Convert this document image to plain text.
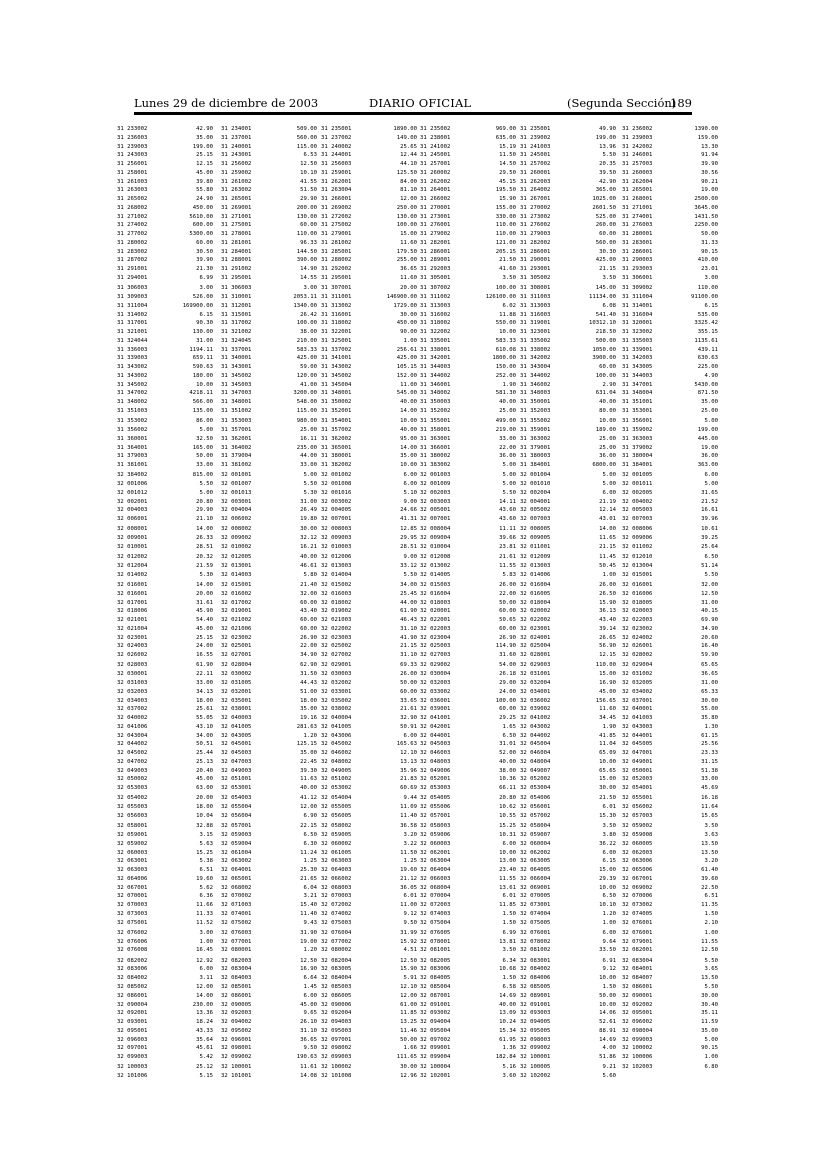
Lunes 29 de diciembre de 2003	DIARIO OFICIAL	(Segunda Sección)
189
31 233002	42.90
31 236003	35.00
31 239003	199.00
31 243003	25.15
31 256001	12.15
31 258001	45.00
31 261003	39.80
31 263003	55.80
31 265002	24.90
31 268002	450.00
31 271002	5610.00
31 274002	600.00
31 277002	5300.00
31 280002	60.00
31 283002	30.50
31 287002	39.90
31 291001	21.30
31 294001	6.99
31 306003	3.00
31 309003	526.00
31 311004	169900.00
31 314002	6.15
31 317001	90.30
31 321001	130.00
31 324044	31.00
31 336003	1194.11
31 339003	659.11
31 343002	590.63
31 343002	180.00
31 345002	10.00
31 347002	4218.11
31 348002	566.00
31 351003	135.00
31 353002	86.00
31 356002	5.00
31 360001	32.50
31 364001	165.00
31 379003	50.00
31 381001	33.00
32 384002	815.00
32 001006	5.50
32 001012	5.00
32 002001	20.80
32 004003	29.90
32 006001	21.10
32 008001	14.00
32 009001	26.33
32 010001	28.51
32 012002	20.32
32 012004	21.59
32 014002	5.30
32 016001	14.00
32 016001	20.00
32 017001	31.61
32 018006	45.90
32 021001	54.40
32 021004	45.00
32 023001	25.15
32 024003	24.00
32 026002	16.55
32 028003	61.90
32 030001	22.11
32 031003	33.00
32 032003	34.13
32 034003	18.00
32 037002	25.61
32 040002	55.05
32 041006	43.10
32 043004	34.00
32 044002	50.51
32 045002	25.44
32 047002	25.13
32 049003	20.40
32 050002	45.00
32 053003	63.00
32 054002	20.00
32 055003	18.00
32 056003	10.04
32 058001	32.88
32 059001	3.15
32 059002	5.63
32 060003	15.25
32 063001	5.38
32 063003	6.51
32 064006	19.60
32 067001	5.62
32 070001	6.36
32 070003	11.66
32 073003	11.33
32 075001	11.52
32 076002	3.00
32 076006	1.00
32 076008	16.45
32 082002	12.92
32 083006	6.00
32 084002	3.11
32 085002	12.00
32 086001	14.00
32 090004	230.00
32 092001	13.36
32 093001	18.24
32 095001	43.33
32 096003	35.64
32 097001	45.61
32 099003	5.42
32 100003	25.12
32 101006	5.15
31 234001	509.00
31 237001	560.00
31 240001	115.00
31 243001	6.53
31 256002	12.50
31 259002	10.10
31 261002	41.55
31 263002	51.50
31 265001	29.90
31 269001	200.00
31 271001	130.00
31 275001	60.00
31 278001	110.00
31 281001	96.33
31 284001	144.50
31 288001	390.00
31 291002	14.90
31 295001	14.55
31 306003	3.00
31 310001	2053.11
31 312001	1340.00
31 315001	26.42
31 317002	100.00
31 321002	38.00
31 324045	210.00
31 337001	583.33
31 340001	425.00
31 343001	59.00
31 345002	120.00
31 345003	41.00
31 347003	3200.00
31 348001	548.00
31 351002	115.00
31 353003	980.00
31 357001	25.00
31 362001	16.11
31 364002	235.00
31 379004	44.00
31 381002	33.00
32 001001	5.00
32 001007	5.50
32 001013	5.30
32 003001	31.00
32 004004	26.49
32 006002	19.80
32 008002	30.00
32 009002	32.12
32 010002	16.21
32 012005	40.00
32 013001	46.61
32 014003	5.80
32 015001	21.40
32 016002	32.00
32 017002	60.00
32 019001	43.40
32 021002	60.00
32 021006	60.00
32 023002	26.90
32 025001	22.00
32 027001	34.90
32 028004	62.90
32 030002	31.50
32 031005	44.43
32 032001	51.00
32 035001	18.00
32 038001	35.00
32 040003	19.16
32 041005	281.63
32 043005	1.20
32 045001	125.15
32 045003	35.00
32 047003	22.45
32 049003	39.30
32 051001	11.63
32 053001	40.00
32 054003	41.12
32 055004	12.00
32 056004	6.90
32 057001	22.15
32 059003	6.50
32 059004	6.30
32 061004	11.24
32 063002	1.25
32 064001	25.30
32 065001	21.65
32 068002	6.04
32 070002	3.21
32 071003	15.40
32 074001	11.40
32 075002	9.43
32 076003	31.90
32 077001	19.00
32 080001	1.20
32 082003	12.50
32 083004	16.90
32 084003	6.64
32 085001	1.45
32 086001	6.00
32 090005	45.00
32 092003	9.65
32 094002	26.10
32 095002	31.10
32 096001	36.65
32 098001	9.50
32 099002	190.63
32 100001	11.61
32 101001	14.08
31 235001	1890.00
31 237002	149.00
31 240002	25.65
31 244001	12.44
31 256003	44.10
31 259001	125.50
31 262001	84.00
31 263004	81.10
31 266001	12.00
31 269002	250.00
31 272002	130.00
31 275002	100.00
31 279001	15.00
31 281002	11.60
31 285001	179.50
31 288002	255.00
31 292002	36.65
31 295001	11.60
31 307001	20.00
31 311001	146900.00
31 313002	1729.00
31 316001	30.00
31 318002	450.00
31 322001	90.00
31 325001	1.00
31 337002	256.61
31 341001	425.00
31 343002	105.15
31 345002	152.00
31 345004	11.00
31 348001	545.00
31 350002	40.00
31 352001	14.00
31 354001	10.00
31 357002	40.00
31 362002	95.00
31 365001	14.00
31 380001	35.00
31 382002	10.00
32 001002	6.00
32 001008	6.00
32 001016	5.10
32 003002	9.00
32 004005	24.66
32 007001	41.31
32 008003	12.85
32 009003	29.95
32 010003	28.51
32 012006	9.00
32 013003	33.12
32 014004	5.50
32 015002	34.00
32 016003	25.45
32 018002	44.00
32 019002	61.90
32 021003	46.43
32 022002	31.10
32 023003	41.90
32 025002	21.15
32 027002	31.10
32 029001	69.33
32 030003	26.00
32 032002	50.00
32 033001	60.00
32 035002	33.65
32 038002	21.61
32 040004	32.90
32 041005	50.91
32 043006	6.00
32 045002	165.63
32 046002	12.10
32 048002	13.13
32 049005	35.96
32 051002	21.83
32 053002	60.69
32 054004	9.44
32 055005	11.09
32 056005	11.40
32 058002	36.58
32 059005	3.20
32 060002	3.22
32 061005	11.50
32 063003	1.25
32 064003	19.60
32 066002	21.12
32 068003	36.05
32 070003	6.01
32 072002	11.00
32 074002	9.12
32 075003	9.50
32 076004	31.99
32 077002	15.92
32 080002	4.51
32 082004	12.50
32 083005	15.90
32 084004	5.91
32 085003	12.10
32 086005	12.00
32 090006	61.00
32 092004	11.85
32 094003	13.25
32 095003	11.46
32 097001	50.00
32 098002	1.66
32 099003	111.65
32 100002	30.00
32 101008	12.96
31 235002	969.00
31 238001	635.00
31 241002	15.19
31 245001	11.50
31 257001	14.50
31 260002	29.50
31 262002	45.15
31 264001	195.50
31 266002	15.90
31 270001	155.00
31 273001	330.00
31 276001	110.00
31 279002	110.00
31 282001	121.00
31 286001	205.15
31 289001	21.50
31 292003	41.60
31 305001	3.50
31 307002	100.00
31 311002	126100.00
31 313003	6.02
31 316002	11.88
31 318002	550.00
31 322002	10.00
31 335001	583.33
31 338001	610.08
31 342001	1800.00
31 344003	150.00
31 344002	252.00
31 346001	1.90
31 348002	581.30
31 350003	40.00
31 352002	25.00
31 355001	499.00
31 358001	219.00
31 363001	33.00
31 366001	22.00
31 380002	36.00
31 383002	5.00
32 001003	5.00
32 001009	5.00
32 002003	5.50
32 003003	14.11
32 005001	43.60
32 007001	43.60
32 008004	11.11
32 009004	39.66
32 010004	23.81
32 012008	21.61
32 013002	11.55
32 014005	5.83
32 015003	26.00
32 016004	22.00
32 018003	50.00
32 020001	60.00
32 022001	50.65
32 022003	60.00
32 023004	26.90
32 025003	114.90
32 027003	31.60
32 029002	54.00
32 030004	26.18
32 032003	29.00
32 033002	24.00
32 036001	100.00
32 039001	60.00
32 041001	29.25
32 042001	1.65
32 044001	6.50
32 045003	31.01
32 046003	52.00
32 048003	40.00
32 049006	38.00
32 052001	10.36
32 053003	66.11
32 054005	20.80
32 055006	10.62
32 057001	10.55
32 058003	15.25
32 059006	10.31
32 060003	6.00
32 062001	10.00
32 063004	13.00
32 064004	23.40
32 066003	11.55
32 068004	13.61
32 070004	6.01
32 072003	11.85
32 074003	1.50
32 075004	1.50
32 076005	6.99
32 078001	13.81
32 081001	3.50
32 082005	6.34
32 083006	10.68
32 084005	1.50
32 085004	6.58
32 087001	14.69
32 091001	40.00
32 093002	13.09
32 094004	10.24
32 095004	15.34
32 097002	61.95
32 099001	1.36
32 099004	182.84
32 100004	5.16
32 102001	3.60
31 235001	49.90
31 239002	199.00
31 241003	13.96
31 245001	5.50
31 257002	20.35
31 260001	39.50
31 262003	42.90
31 264002	365.00
31 267001	1025.00
31 270002	2601.50
31 273002	525.00
31 276002	260.00
31 279003	60.00
31 282002	560.00
31 286001	30.30
31 290001	425.00
31 293001	21.15
31 305002	3.50
31 308001	145.00
31 311003	11134.00
31 313003	6.08
31 316003	541.40
31 319001	10312.10
31 323001	218.50
31 335002	500.00
31 338002	1050.00
31 342002	3900.00
31 343004	60.00
31 344002	100.00
31 346002	2.90
31 348003	631.04
31 350001	40.00
31 352003	80.00
31 355002	10.00
31 359001	189.00
31 363002	25.00
31 379001	25.00
31 380003	36.00
31 384001	6800.00
32 001004	5.00
32 001010	5.00
32 002004	6.00
32 004001	21.19
32 005002	12.14
32 007003	43.01
32 008005	14.00
32 009005	11.65
32 011001	21.15
32 012009	11.45
32 013003	50.45
32 014006	1.00
32 016004	26.00
32 016005	26.50
32 018004	15.90
32 020002	36.13
32 022002	43.40
32 023001	39.14
32 024001	26.65
32 025004	56.90
32 028001	12.15
32 029003	110.00
32 031001	15.00
32 032004	16.90
32 034001	45.00
32 036002	156.65
32 039002	11.60
32 041002	34.45
32 043002	1.90
32 044002	41.85
32 045004	11.04
32 046004	65.09
32 048004	10.00
32 049007	65.65
32 052002	15.00
32 053004	30.00
32 054006	21.50
32 056001	6.01
32 057002	15.30
32 058004	3.50
32 059007	3.80
32 060004	36.22
32 062002	6.00
32 063005	6.15
32 064005	15.00
32 066004	29.39
32 069001	10.00
32 070005	6.50
32 073001	10.10
32 074004	1.20
32 075005	1.00
32 076001	6.00
32 078002	9.64
32 081002	33.50
32 083001	6.91
32 084002	9.12
32 084006	10.00
32 085005	1.50
32 089001	50.00
32 091001	10.00
32 093003	14.06
32 094005	52.61
32 095005	88.91
32 098003	14.69
32 099002	4.00
32 100001	51.86
32 100005	9.21
32 102002	5.60
31 236002	1390.00
31 239003	159.00
31 242002	13.30
31 246001	91.94
31 257003	39.90
31 260003	30.56
31 262004	90.21
31 265001	19.00
31 268001	2500.00
31 271001	3645.00
31 274001	1431.50
31 276003	2250.00
31 280001	50.00
31 283001	31.33
31 286001	90.15
31 290003	410.00
31 293003	23.01
31 306001	3.00
31 309002	110.00
31 311004	91100.00
31 314001	6.15
31 316004	535.00
31 320001	3325.42
31 323002	355.15
31 335003	1135.61
31 339001	439.11
31 342003	630.63
31 343005	225.00
31 344003	4.90
31 347001	5430.00
31 348004	871.50
31 351001	35.00
31 353001	25.00
31 356001	5.00
31 359002	199.00
31 363003	445.00
31 379002	19.00
31 380004	36.00
31 384001	363.00
32 001005	6.00
32 001011	5.00
32 002005	31.65
32 004002	21.52
32 005003	16.61
32 007003	39.96
32 008006	10.61
32 009006	39.25
32 011002	25.64
32 012010	6.50
32 013004	51.14
32 015001	5.50
32 016001	32.00
32 016006	12.50
32 018005	31.00
32 020003	40.15
32 022003	69.90
32 023002	34.90
32 024002	20.60
32 026001	16.40
32 028002	59.90
32 029004	65.65
32 031002	36.65
32 032005	31.00
32 034002	65.33
32 037001	30.00
32 040001	55.00
32 041003	35.80
32 043003	1.30
32 044001	61.15
32 045005	25.56
32 047001	23.33
32 049001	31.15
32 050001	51.38
32 052003	33.00
32 054001	45.69
32 055001	16.18
32 056002	11.64
32 057003	15.65
32 059002	3.50
32 059008	3.63
32 060005	13.50
32 062003	13.50
32 063006	3.20
32 065006	61.40
32 067001	39.60
32 069002	22.50
32 070006	6.51
32 073002	11.35
32 074005	1.50
32 076001	2.10
32 076001	1.00
32 079001	11.55
32 082001	12.50
32 083004	5.50
32 084001	3.65
32 084007	13.50
32 086001	5.50
32 090001	30.00
32 092002	30.40
32 095001	35.11
32 096002	11.59
32 098004	35.00
32 099003	5.00
32 100002	90.15
32 100006	1.00
32 102003	6.80
